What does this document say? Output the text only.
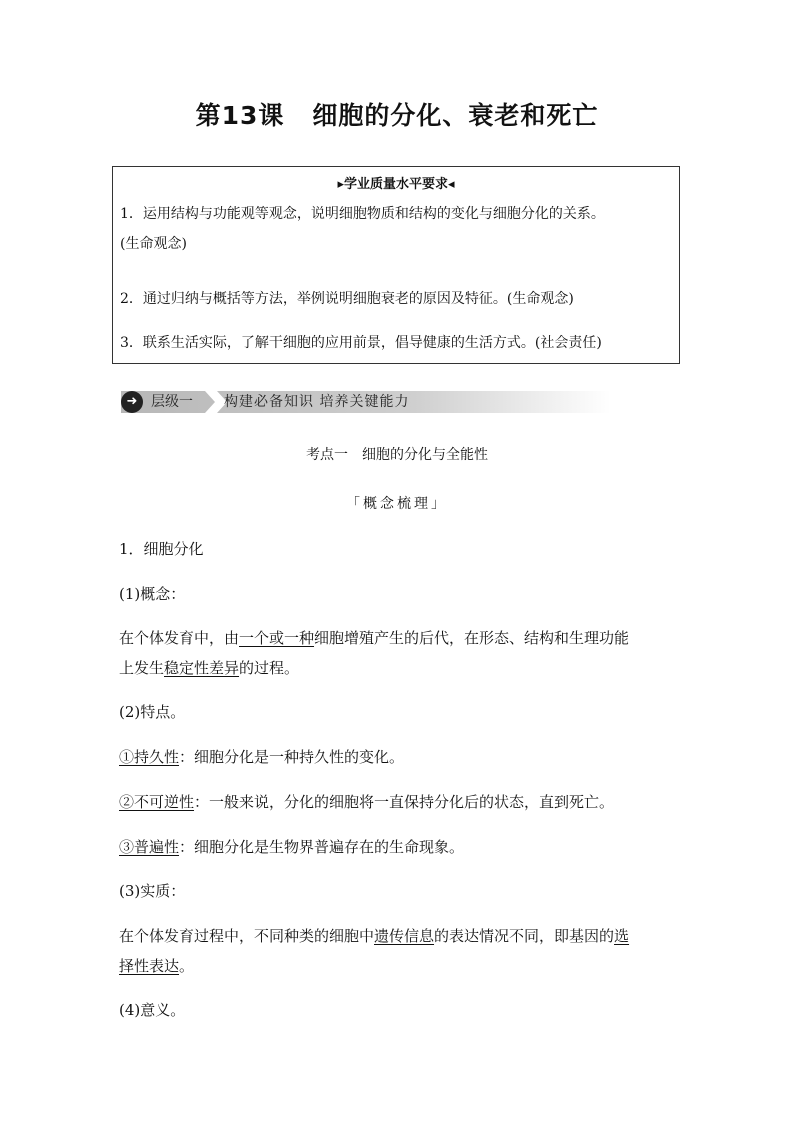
第13课 细胞的分化、衰老和死亡
▸学业质量水平要求◂
1．运用结构与功能观等观念，说明细胞物质和结构的变化与细胞分化的关系。
(生命观念)
2．通过归纳与概括等方法，举例说明细胞衰老的原因及特征。(生命观念)
3．联系生活实际，了解干细胞的应用前景，倡导健康的生活方式。(社会责任)
➜ 层级一 构建必备知识 培养关键能力
考点一　细胞的分化与全能性
「概念梳理」
1．细胞分化
(1)概念：
在个体发育中，由一个或一种细胞增殖产生的后代，在形态、结构和生理功能
上发生稳定性差异的过程。
(2)特点。
①持久性：细胞分化是一种持久性的变化。
②不可逆性：一般来说，分化的细胞将一直保持分化后的状态，直到死亡。
③普遍性：细胞分化是生物界普遍存在的生命现象。
(3)实质：
在个体发育过程中，不同种类的细胞中遗传信息的表达情况不同，即基因的选
择性表达。
(4)意义。
